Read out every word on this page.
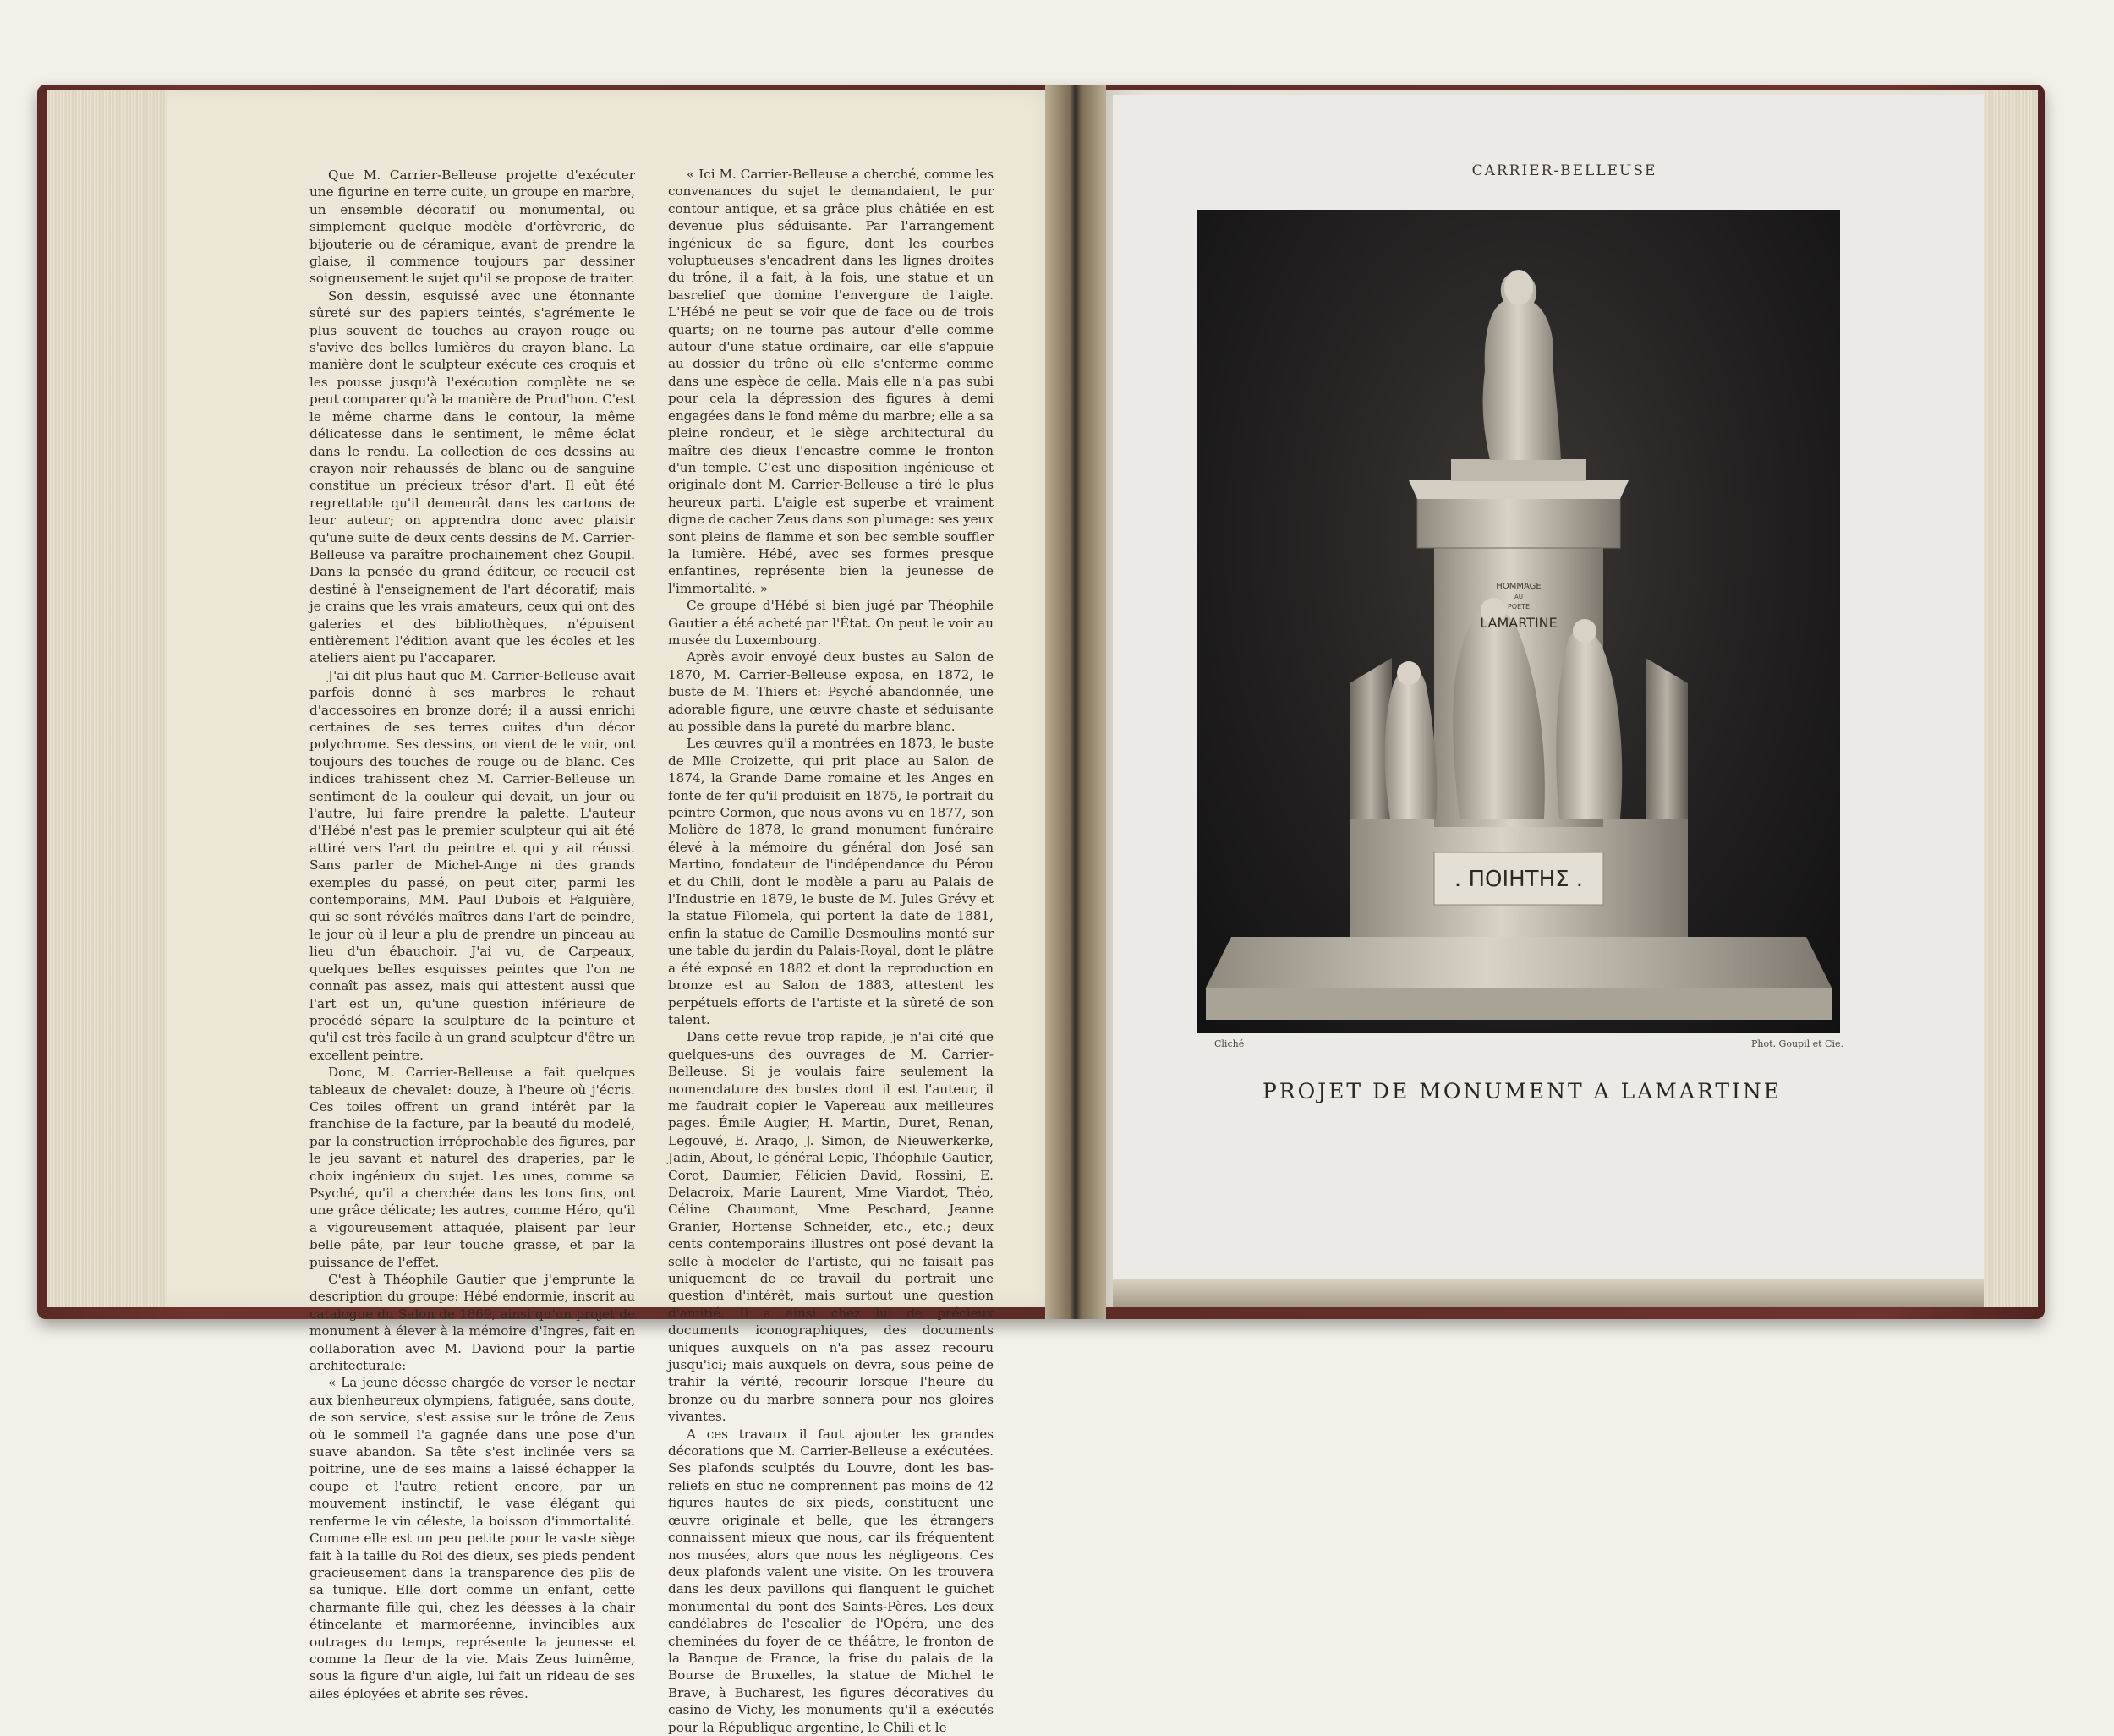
Que M. Carrier-Belleuse projette d'exécuter une figurine en terre cuite, un groupe en marbre, un ensemble décoratif ou monumental, ou simplement quelque modèle d'orfèvrerie, de bijouterie ou de céramique, avant de prendre la glaise, il commence toujours par dessiner soigneusement le sujet qu'il se propose de traiter.

Son dessin, esquissé avec une étonnante sûreté sur des papiers teintés, s'agrémente le plus souvent de touches au crayon rouge ou s'avive des belles lumières du crayon blanc. La manière dont le sculpteur exécute ces croquis et les pousse jusqu'à l'exécution complète ne se peut comparer qu'à la manière de Prud'hon. C'est le même charme dans le contour, la même délicatesse dans le sentiment, le même éclat dans le rendu. La collection de ces dessins au crayon noir rehaussés de blanc ou de sanguine constitue un précieux trésor d'art. Il eût été regrettable qu'il demeurât dans les cartons de leur auteur; on apprendra donc avec plaisir qu'une suite de deux cents dessins de M. Carrier-Belleuse va paraître prochainement chez Goupil. Dans la pensée du grand éditeur, ce recueil est destiné à l'enseignement de l'art décoratif; mais je crains que les vrais amateurs, ceux qui ont des galeries et des bibliothèques, n'épuisent entièrement l'édition avant que les écoles et les ateliers aient pu l'accaparer.

J'ai dit plus haut que M. Carrier-Belleuse avait parfois donné à ses marbres le rehaut d'accessoires en bronze doré; il a aussi enrichi certaines de ses terres cuites d'un décor polychrome. Ses dessins, on vient de le voir, ont toujours des touches de rouge ou de blanc. Ces indices trahissent chez M. Carrier-Belleuse un sentiment de la couleur qui devait, un jour ou l'autre, lui faire prendre la palette. L'auteur d'Hébé n'est pas le premier sculpteur qui ait été attiré vers l'art du peintre et qui y ait réussi. Sans parler de Michel-Ange ni des grands exemples du passé, on peut citer, parmi les contemporains, MM. Paul Dubois et Falguière, qui se sont révélés maîtres dans l'art de peindre, le jour où il leur a plu de prendre un pinceau au lieu d'un ébauchoir. J'ai vu, de Carpeaux, quelques belles esquisses peintes que l'on ne connaît pas assez, mais qui attestent aussi que l'art est un, qu'une question inférieure de procédé sépare la sculpture de la peinture et qu'il est très facile à un grand sculpteur d'être un excellent peintre.

Donc, M. Carrier-Belleuse a fait quelques tableaux de chevalet: douze, à l'heure où j'écris. Ces toiles offrent un grand intérêt par la franchise de la facture, par la beauté du modelé, par la construction irréprochable des figures, par le jeu savant et naturel des draperies, par le choix ingénieux du sujet. Les unes, comme sa Psyché, qu'il a cherchée dans les tons fins, ont une grâce délicate; les autres, comme Héro, qu'il a vigoureusement attaquée, plaisent par leur belle pâte, par leur touche grasse, et par la puissance de l'effet.

C'est à Théophile Gautier que j'emprunte la description du groupe: Hébé endormie, inscrit au catalogue du Salon de 1869, ainsi qu'un projet de monument à élever à la mémoire d'Ingres, fait en collaboration avec M. Daviond pour la partie architecturale:

« La jeune déesse chargée de verser le nectar aux bienheureux olympiens, fatiguée, sans doute, de son service, s'est assise sur le trône de Zeus où le sommeil l'a gagnée dans une pose d'un suave abandon. Sa tête s'est inclinée vers sa poitrine, une de ses mains a laissé échapper la coupe et l'autre retient encore, par un mouvement instinctif, le vase élégant qui renferme le vin céleste, la boisson d'immortalité. Comme elle est un peu petite pour le vaste siège fait à la taille du Roi des dieux, ses pieds pendent gracieusement dans la transparence des plis de sa tunique. Elle dort comme un enfant, cette charmante fille qui, chez les déesses à la chair étincelante et marmoréenne, invincibles aux outrages du temps, représente la jeunesse et comme la fleur de la vie. Mais Zeus luimême, sous la figure d'un aigle, lui fait un rideau de ses ailes éployées et abrite ses rêves.

« Ici M. Carrier-Belleuse a cherché, comme les convenances du sujet le demandaient, le pur contour antique, et sa grâce plus châtiée en est devenue plus séduisante. Par l'arrangement ingénieux de sa figure, dont les courbes voluptueuses s'encadrent dans les lignes droites du trône, il a fait, à la fois, une statue et un basrelief que domine l'envergure de l'aigle. L'Hébé ne peut se voir que de face ou de trois quarts; on ne tourne pas autour d'elle comme autour d'une statue ordinaire, car elle s'appuie au dossier du trône où elle s'enferme comme dans une espèce de cella. Mais elle n'a pas subi pour cela la dépression des figures à demi engagées dans le fond même du marbre; elle a sa pleine rondeur, et le siège architectural du maître des dieux l'encastre comme le fronton d'un temple. C'est une disposition ingénieuse et originale dont M. Carrier-Belleuse a tiré le plus heureux parti. L'aigle est superbe et vraiment digne de cacher Zeus dans son plumage: ses yeux sont pleins de flamme et son bec semble souffler la lumière. Hébé, avec ses formes presque enfantines, représente bien la jeunesse de l'immortalité. »

Ce groupe d'Hébé si bien jugé par Théophile Gautier a été acheté par l'État. On peut le voir au musée du Luxembourg.

Après avoir envoyé deux bustes au Salon de 1870, M. Carrier-Belleuse exposa, en 1872, le buste de M. Thiers et: Psyché abandonnée, une adorable figure, une œuvre chaste et séduisante au possible dans la pureté du marbre blanc.

Les œuvres qu'il a montrées en 1873, le buste de Mlle Croizette, qui prit place au Salon de 1874, la Grande Dame romaine et les Anges en fonte de fer qu'il produisit en 1875, le portrait du peintre Cormon, que nous avons vu en 1877, son Molière de 1878, le grand monument funéraire élevé à la mémoire du général don José san Martino, fondateur de l'indépendance du Pérou et du Chili, dont le modèle a paru au Palais de l'Industrie en 1879, le buste de M. Jules Grévy et la statue Filomela, qui portent la date de 1881, enfin la statue de Camille Desmoulins monté sur une table du jardin du Palais-Royal, dont le plâtre a été exposé en 1882 et dont la reproduction en bronze est au Salon de 1883, attestent les perpétuels efforts de l'artiste et la sûreté de son talent.

Dans cette revue trop rapide, je n'ai cité que quelques-uns des ouvrages de M. Carrier-Belleuse. Si je voulais faire seulement la nomenclature des bustes dont il est l'auteur, il me faudrait copier le Vapereau aux meilleures pages. Émile Augier, H. Martin, Duret, Renan, Legouvé, E. Arago, J. Simon, de Nieuwerkerke, Jadin, About, le général Lepic, Théophile Gautier, Corot, Daumier, Félicien David, Rossini, E. Delacroix, Marie Laurent, Mme Viardot, Théo, Céline Chaumont, Mme Peschard, Jeanne Granier, Hortense Schneider, etc., etc.; deux cents contemporains illustres ont posé devant la selle à modeler de l'artiste, qui ne faisait pas uniquement de ce travail du portrait une question d'intérêt, mais surtout une question d'amitié. Il a ainsi chez lui de précieux documents iconographiques, des documents uniques auxquels on n'a pas assez recouru jusqu'ici; mais auxquels on devra, sous peine de trahir la vérité, recourir lorsque l'heure du bronze ou du marbre sonnera pour nos gloires vivantes.

A ces travaux il faut ajouter les grandes décorations que M. Carrier-Belleuse a exécutées. Ses plafonds sculptés du Louvre, dont les bas-reliefs en stuc ne comprennent pas moins de 42 figures hautes de six pieds, constituent une œuvre originale et belle, que les étrangers connaissent mieux que nous, car ils fréquentent nos musées, alors que nous les négligeons. Ces deux plafonds valent une visite. On les trouvera dans les deux pavillons qui flanquent le guichet monumental du pont des Saints-Pères. Les deux candélabres de l'escalier de l'Opéra, une des cheminées du foyer de ce théâtre, le fronton de la Banque de France, la frise du palais de la Bourse de Bruxelles, la statue de Michel le Brave, à Bucharest, les figures décoratives du casino de Vichy, les monuments qu'il a exécutés pour la République argentine, le Chili et le

CARRIER-BELLEUSE
HOMMAGE
AU
POETE
LAMARTINE
. ΠΟΙΗΤΗΣ .
Cliché	Phot. Goupil et Cie.
PROJET DE MONUMENT A LAMARTINE
